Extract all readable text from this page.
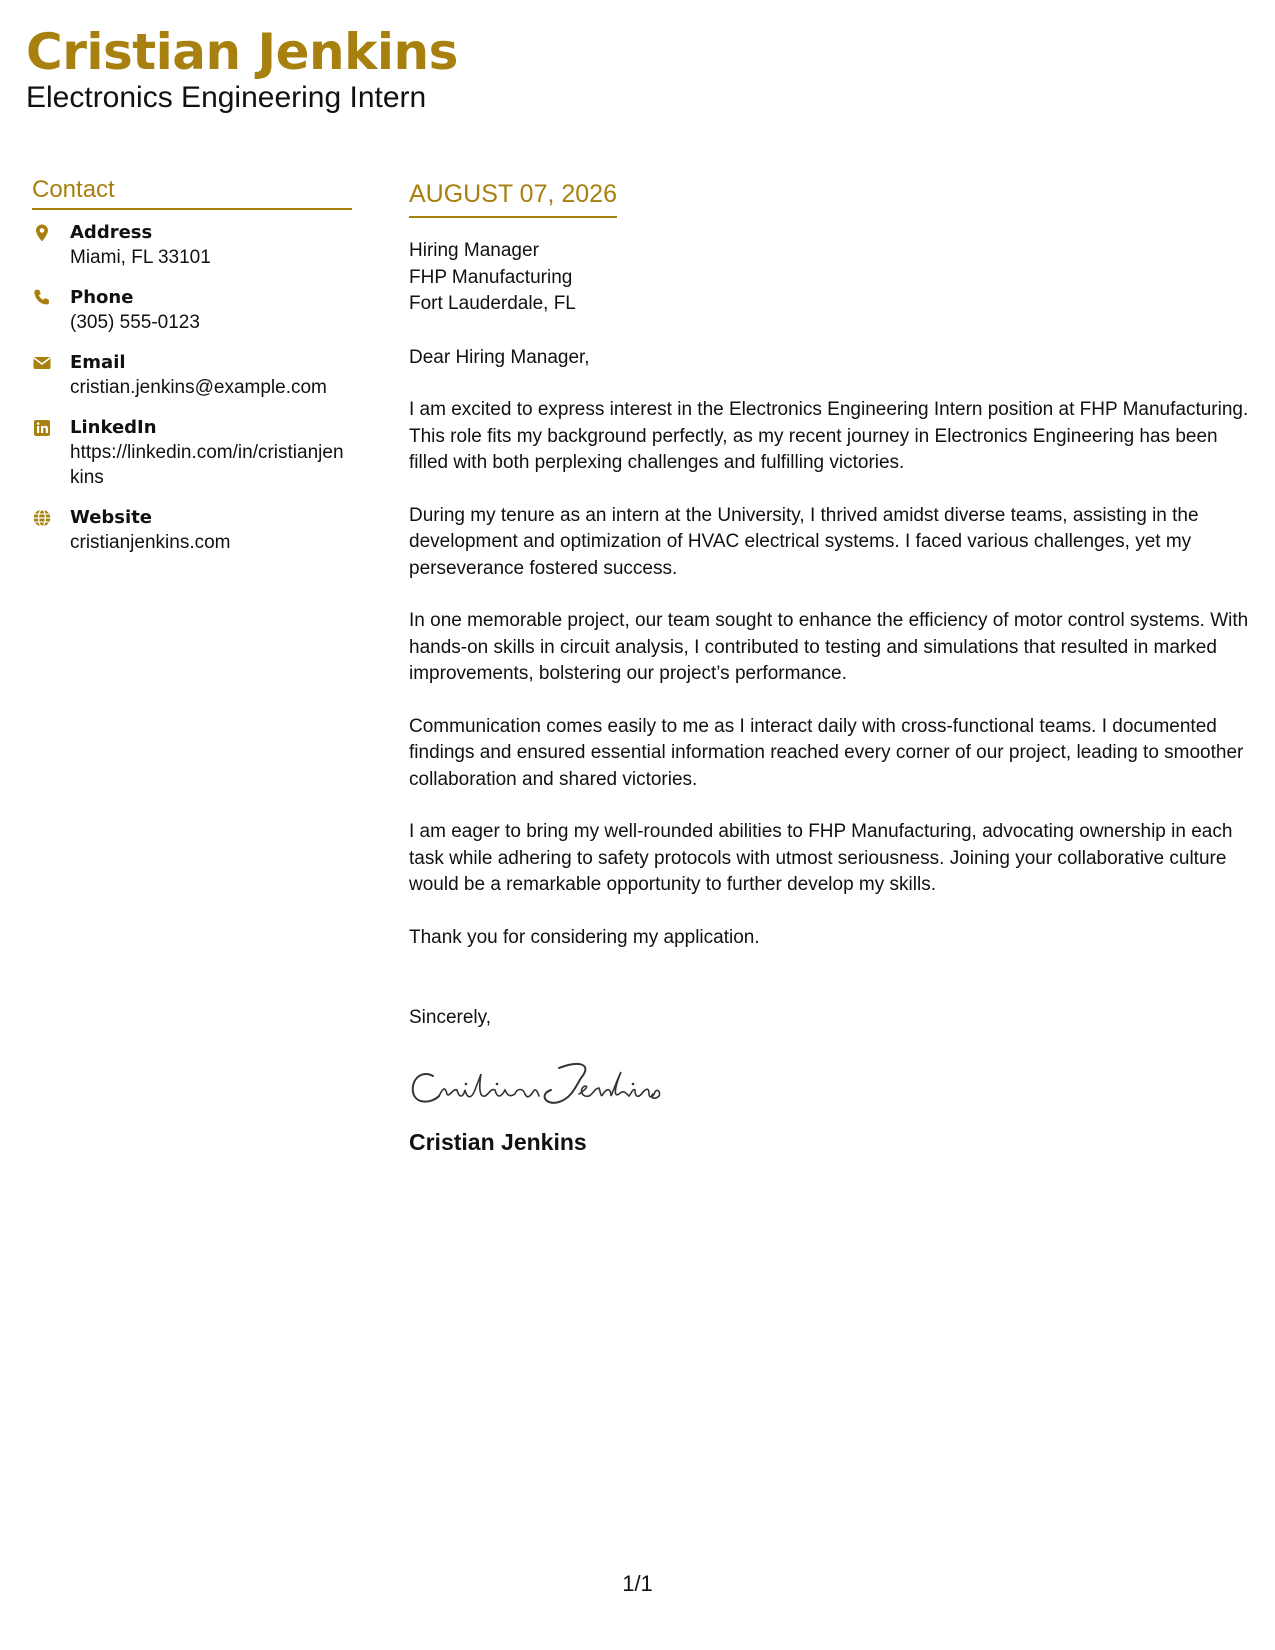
Cristian Jenkins
Electronics Engineering Intern
Contact
Address
Miami, FL 33101
Phone
(305) 555-0123
Email
cristian.jenkins@example.com
LinkedIn
https://linkedin.com/in/cristianjenkins
Website
cristianjenkins.com
AUGUST 07, 2026
Hiring Manager
FHP Manufacturing
Fort Lauderdale, FL

Dear Hiring Manager,

I am excited to express interest in the Electronics Engineering Intern position at FHP Manufacturing. This role fits my background perfectly, as my recent journey in Electronics Engineering has been filled with both perplexing challenges and fulfilling victories.

During my tenure as an intern at the University, I thrived amidst diverse teams, assisting in the development and optimization of HVAC electrical systems. I faced various challenges, yet my perseverance fostered success.

In one memorable project, our team sought to enhance the efficiency of motor control systems. With hands-on skills in circuit analysis, I contributed to testing and simulations that resulted in marked improvements, bolstering our project’s performance.

Communication comes easily to me as I interact daily with cross-functional teams. I documented findings and ensured essential information reached every corner of our project, leading to smoother collaboration and shared victories.

I am eager to bring my well-rounded abilities to FHP Manufacturing, advocating ownership in each task while adhering to safety protocols with utmost seriousness. Joining your collaborative culture would be a remarkable opportunity to further develop my skills.

Thank you for considering my application.

Sincerely,

Cristian Jenkins
1/1
